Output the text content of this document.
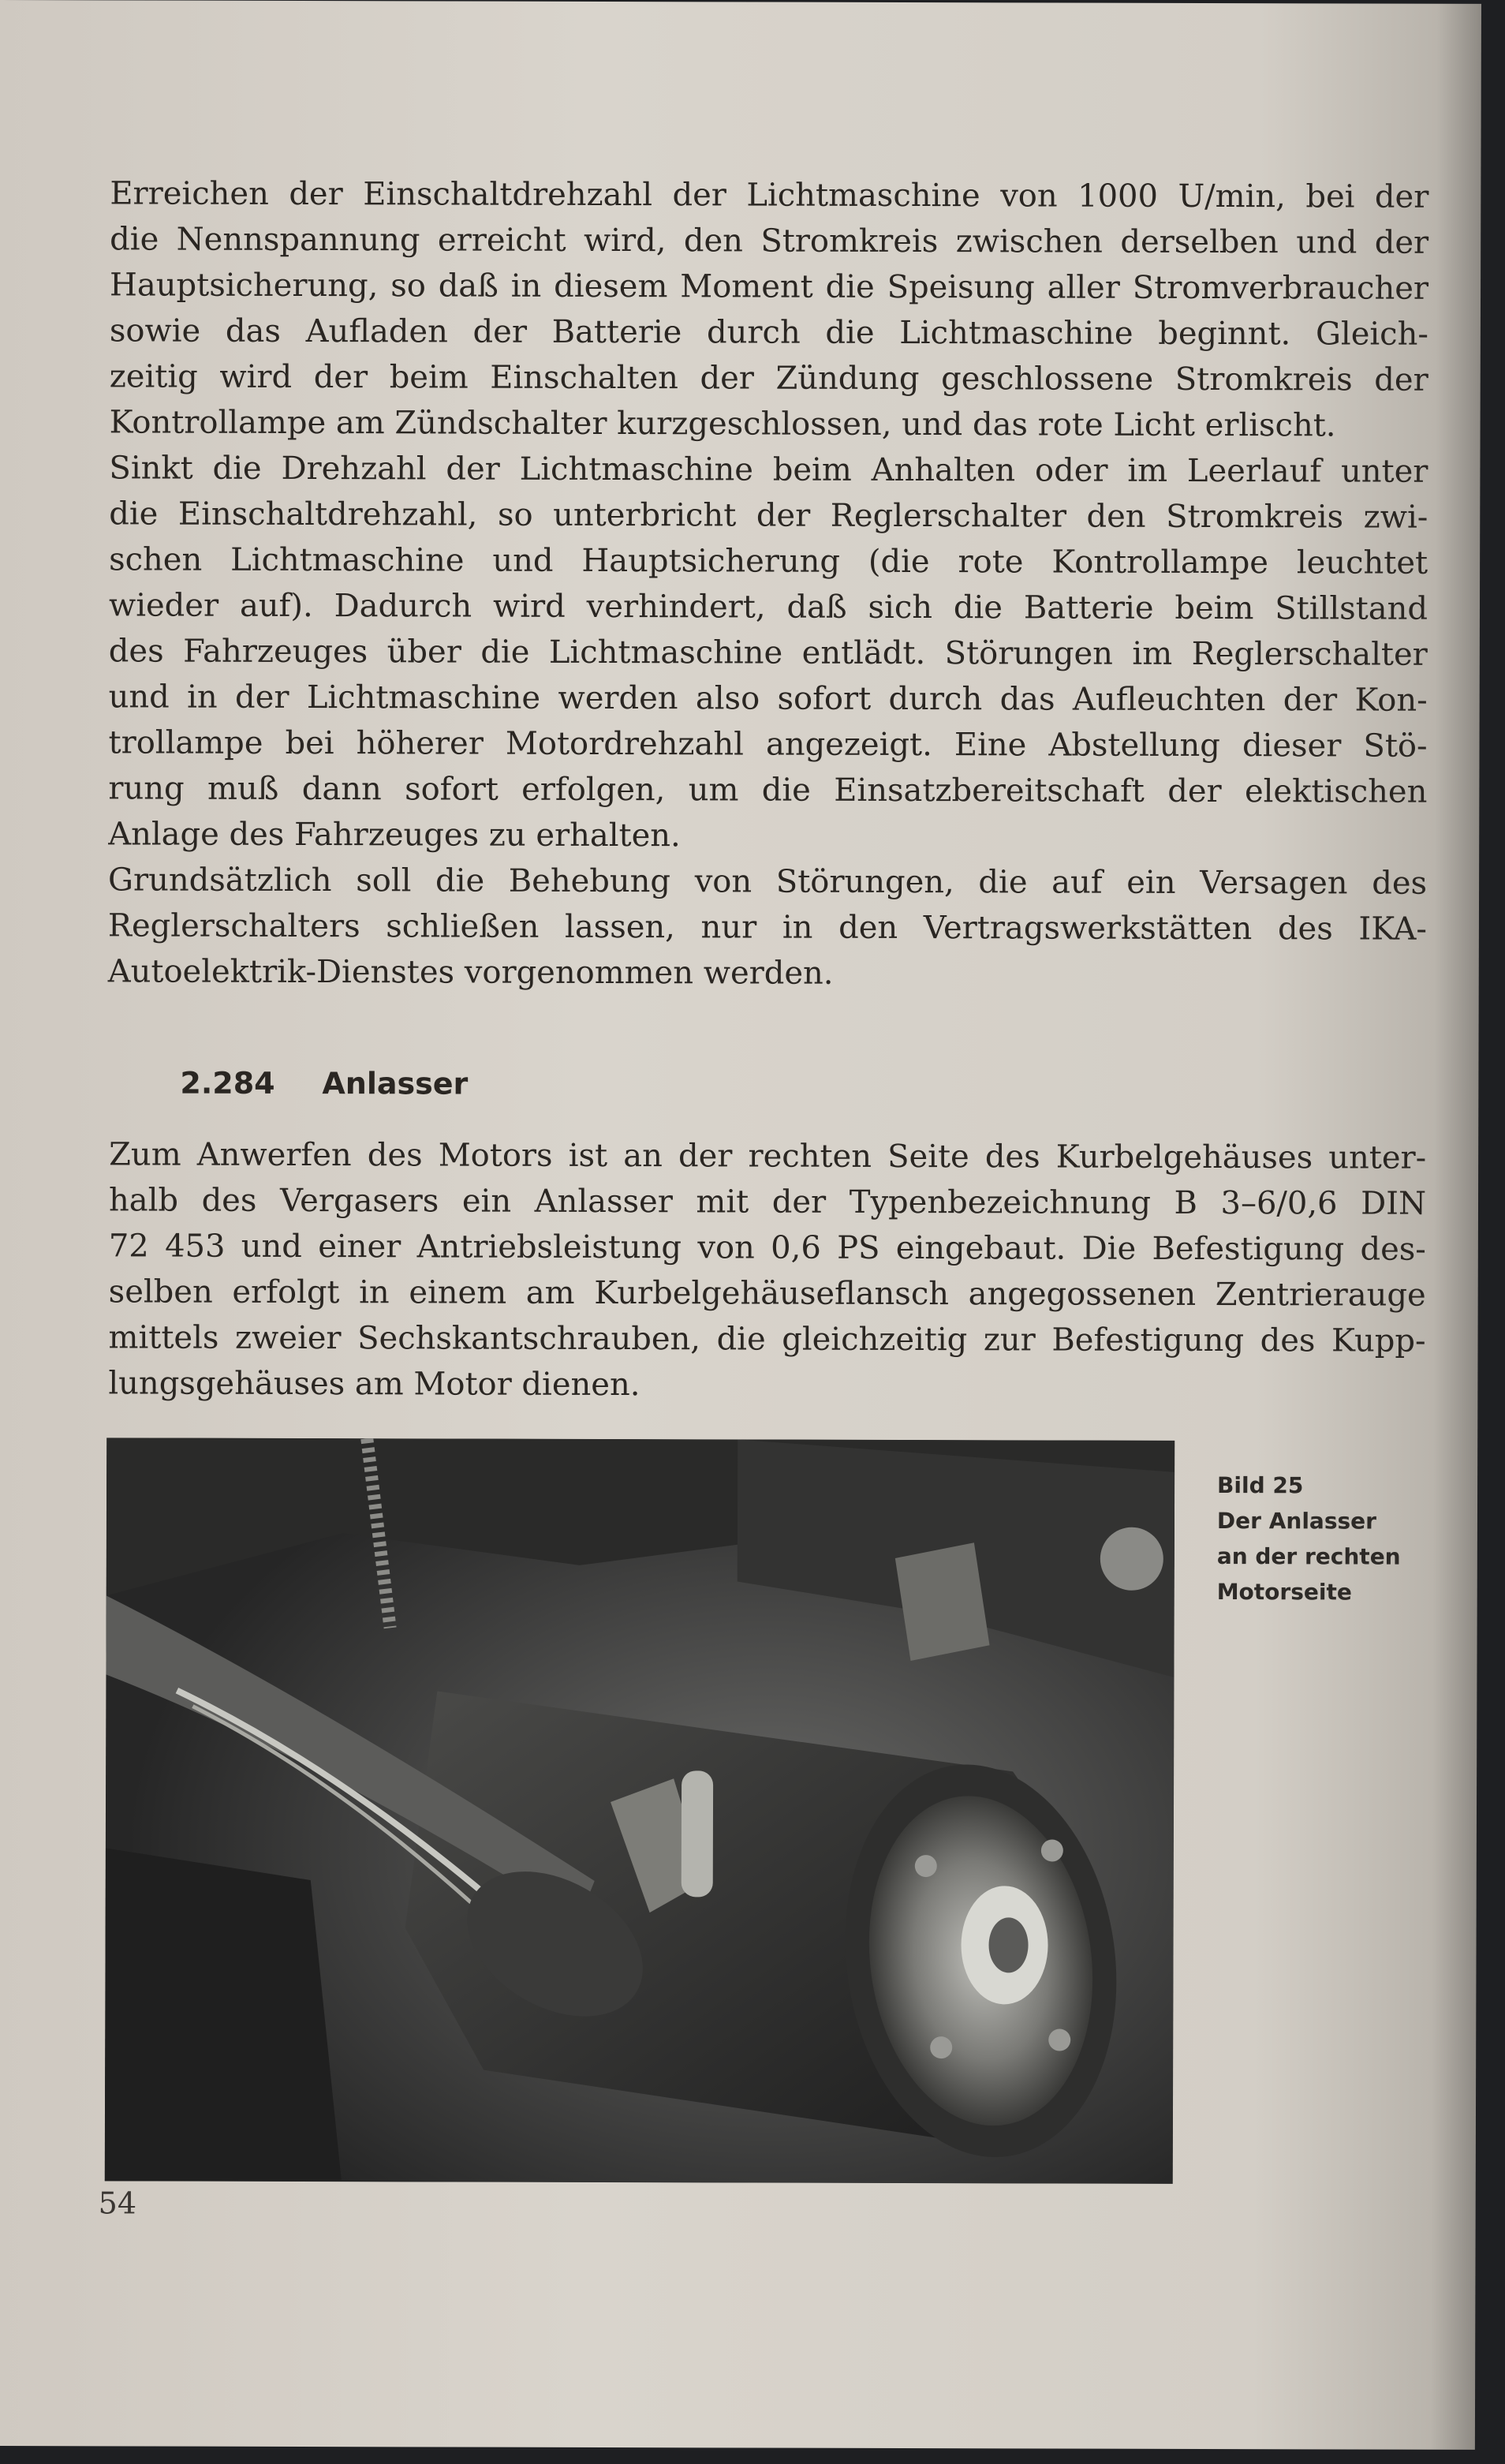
Erreichen der Einschaltdrehzahl der Lichtmaschine von 1000 U/min, bei der
die Nennspannung erreicht wird, den Stromkreis zwischen derselben und der
Hauptsicherung, so daß in diesem Moment die Speisung aller Stromverbraucher
sowie das Aufladen der Batterie durch die Lichtmaschine beginnt. Gleich-
zeitig wird der beim Einschalten der Zündung geschlossene Stromkreis der
Kontrollampe am Zündschalter kurzgeschlossen, und das rote Licht erlischt.
Sinkt die Drehzahl der Lichtmaschine beim Anhalten oder im Leerlauf unter
die Einschaltdrehzahl, so unterbricht der Reglerschalter den Stromkreis zwi-
schen Lichtmaschine und Hauptsicherung (die rote Kontrollampe leuchtet
wieder auf). Dadurch wird verhindert, daß sich die Batterie beim Stillstand
des Fahrzeuges über die Lichtmaschine entlädt. Störungen im Reglerschalter
und in der Lichtmaschine werden also sofort durch das Aufleuchten der Kon-
trollampe bei höherer Motordrehzahl angezeigt. Eine Abstellung dieser Stö-
rung muß dann sofort erfolgen, um die Einsatzbereitschaft der elektischen
Anlage des Fahrzeuges zu erhalten.
Grundsätzlich soll die Behebung von Störungen, die auf ein Versagen des
Reglerschalters schließen lassen, nur in den Vertragswerkstätten des IKA-
Autoelektrik-Dienstes vorgenommen werden.
2.284 Anlasser
Zum Anwerfen des Motors ist an der rechten Seite des Kurbelgehäuses unter-
halb des Vergasers ein Anlasser mit der Typenbezeichnung B 3–6/0,6 DIN
72 453 und einer Antriebsleistung von 0,6 PS eingebaut. Die Befestigung des-
selben erfolgt in einem am Kurbelgehäuseflansch angegossenen Zentrierauge
mittels zweier Sechskantschrauben, die gleichzeitig zur Befestigung des Kupp-
lungsgehäuses am Motor dienen.
Bild 25
Der Anlasser
an der rechten
Motorseite
54
